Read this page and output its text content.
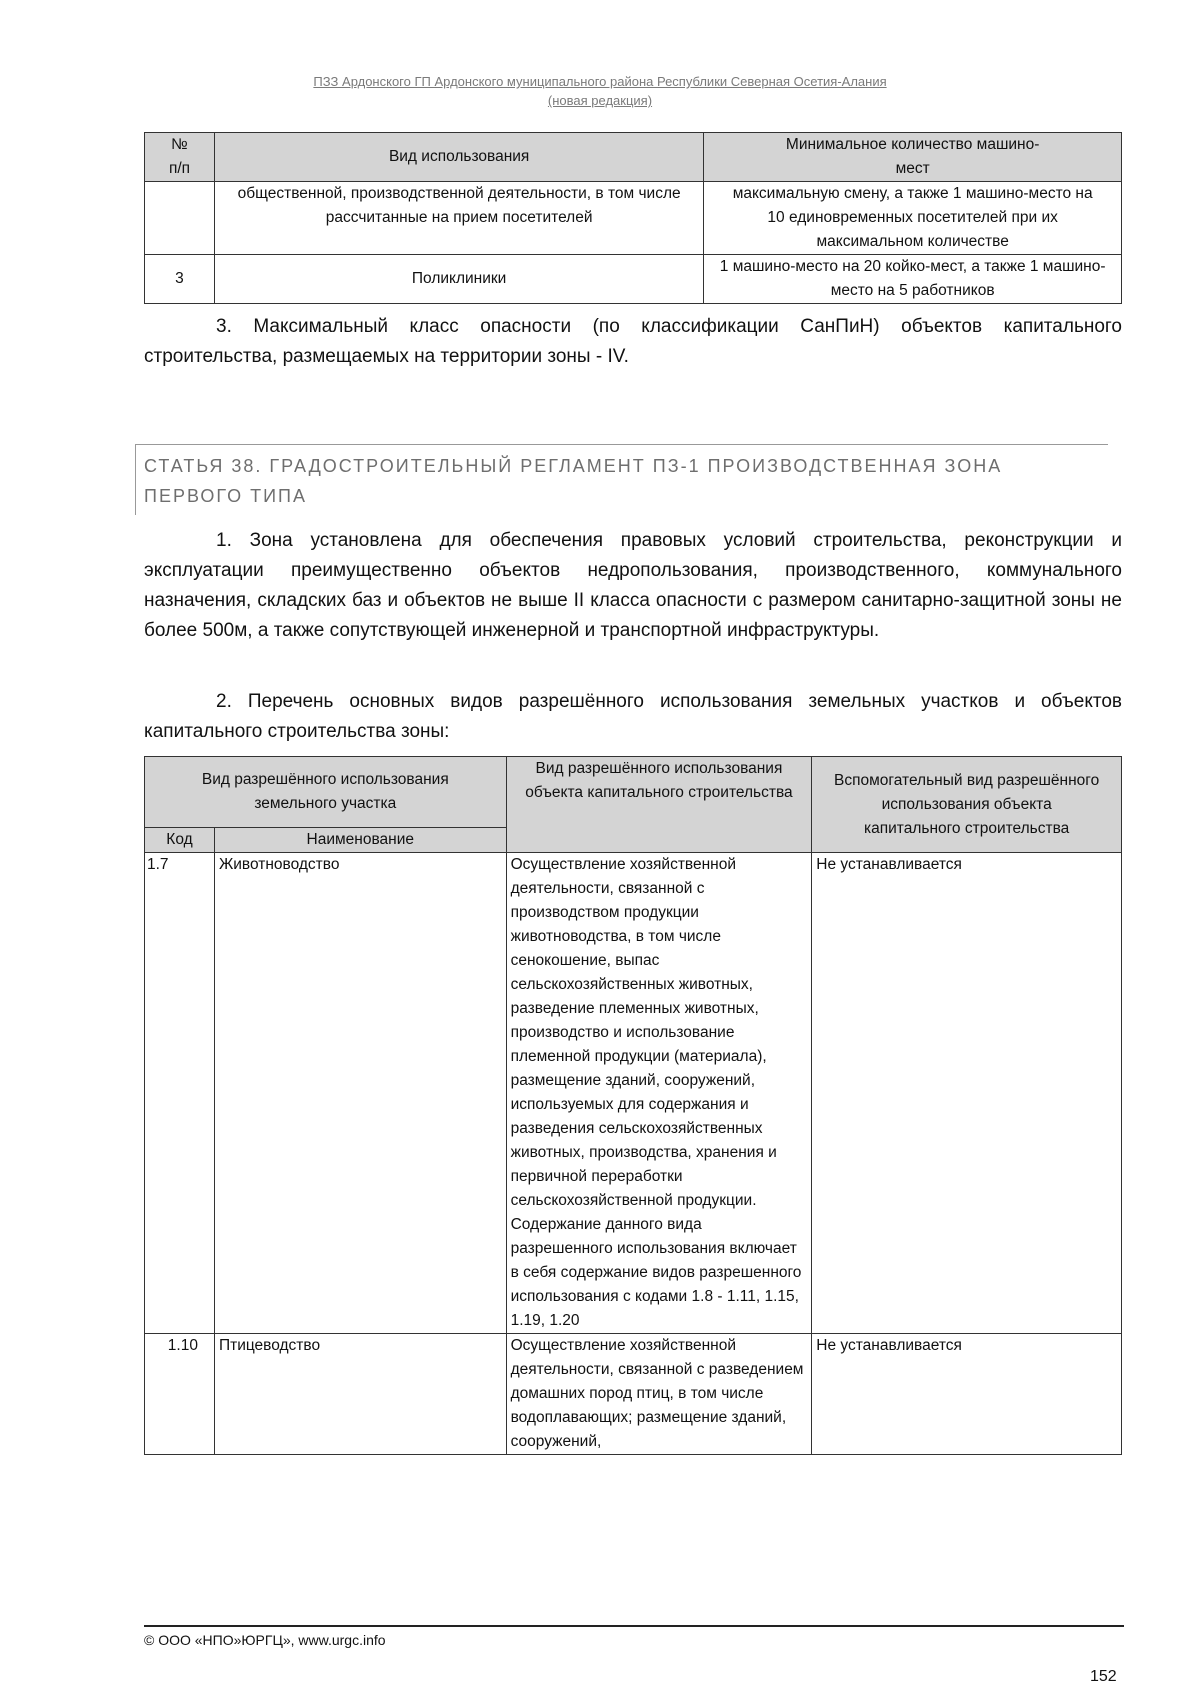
ПЗЗ Ардонского ГП Ардонского муниципального района Республики Северная Осетия-Алания
(новая редакция)
№ п/п	Вид использования	Минимальное количество машино-мест
	общественной, производственной деятельности, в том числе рассчитанные на прием посетителей	максимальную смену, а также 1 машино-место на 10 единовременных посетителей при их максимальном количестве
3	Поликлиники	1 машино-место на 20 койко-мест, а также 1 машино-место на 5 работников
3. Максимальный класс опасности (по классификации СанПиН) объектов капитального строительства, размещаемых на территории зоны - IV.
СТАТЬЯ 38. ГРАДОСТРОИТЕЛЬНЫЙ РЕГЛАМЕНТ ПЗ-1 ПРОИЗВОДСТВЕННАЯ ЗОНА ПЕРВОГО ТИПА
1. Зона установлена для обеспечения правовых условий строительства, реконструкции и эксплуатации преимущественно объектов недропользования, производственного, коммунального назначения, складских баз и объектов не выше II класса опасности с размером санитарно-защитной зоны не более 500м, а также сопутствующей инженерной и транспортной инфраструктуры.
2. Перечень основных видов разрешённого использования земельных участков и объектов капитального строительства зоны:
Вид разрешённого использования земельного участка		Вид разрешённого использования объекта капитального строительства	Вспомогательный вид разрешённого использования объекта капитального строительства
Код	Наименование		
1.7	Животноводство	Осуществление хозяйственной деятельности, связанной с производством продукции животноводства, в том числе сенокошение, выпас сельскохозяйственных животных, разведение племенных животных, производство и использование племенной продукции (материала), размещение зданий, сооружений, используемых для содержания и разведения сельскохозяйственных животных, производства, хранения и первичной переработки сельскохозяйственной продукции. Содержание данного вида разрешенного использования включает в себя содержание видов разрешенного использования с кодами 1.8 - 1.11, 1.15, 1.19, 1.20	Не устанавливается
1.10	Птицеводство	Осуществление хозяйственной деятельности, связанной с разведением домашних пород птиц, в том числе водоплавающих; размещение зданий, сооружений,	Не устанавливается
© ООО «НПО»ЮРГЦ», www.urgc.info
152
